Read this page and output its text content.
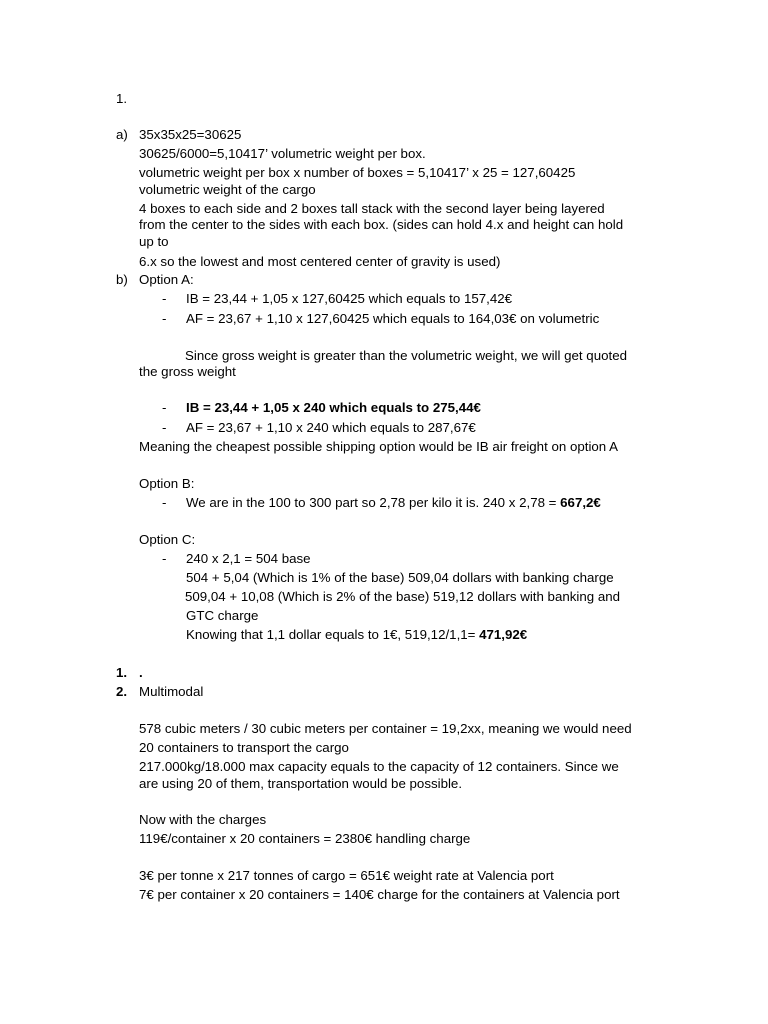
1.
a) 35x35x25=30625
30625/6000=5,10417’ volumetric weight per box.
volumetric weight per box x number of boxes = 5,10417’ x 25 = 127,60425
volumetric weight of the cargo
4 boxes to each side and 2 boxes tall stack with the second layer being layered
from the center to the sides with each box. (sides can hold 4.x and height can hold
up to
6.x so the lowest and most centered center of gravity is used)
b) Option A:
- IB = 23,44 + 1,05 x 127,60425 which equals to 157,42€
- AF = 23,67 + 1,10 x 127,60425 which equals to 164,03€ on volumetric
Since gross weight is greater than the volumetric weight, we will get quoted
the gross weight
- IB = 23,44 + 1,05 x 240 which equals to 275,44€
- AF = 23,67 + 1,10 x 240 which equals to 287,67€
Meaning the cheapest possible shipping option would be IB air freight on option A
Option B:
- We are in the 100 to 300 part so 2,78 per kilo it is. 240 x 2,78 = 667,2€
Option C:
- 240 x 2,1 = 504 base
504 + 5,04 (Which is 1% of the base) 509,04 dollars with banking charge
509,04 + 10,08 (Which is 2% of the base) 519,12 dollars with banking and
GTC charge
Knowing that 1,1 dollar equals to 1€, 519,12/1,1= 471,92€
1. .
2. Multimodal
578 cubic meters / 30 cubic meters per container = 19,2xx, meaning we would need
20 containers to transport the cargo
217.000kg/18.000 max capacity equals to the capacity of 12 containers. Since we
are using 20 of them, transportation would be possible.
Now with the charges
119€/container x 20 containers = 2380€ handling charge
3€ per tonne x 217 tonnes of cargo = 651€ weight rate at Valencia port
7€ per container x 20 containers = 140€ charge for the containers at Valencia port
